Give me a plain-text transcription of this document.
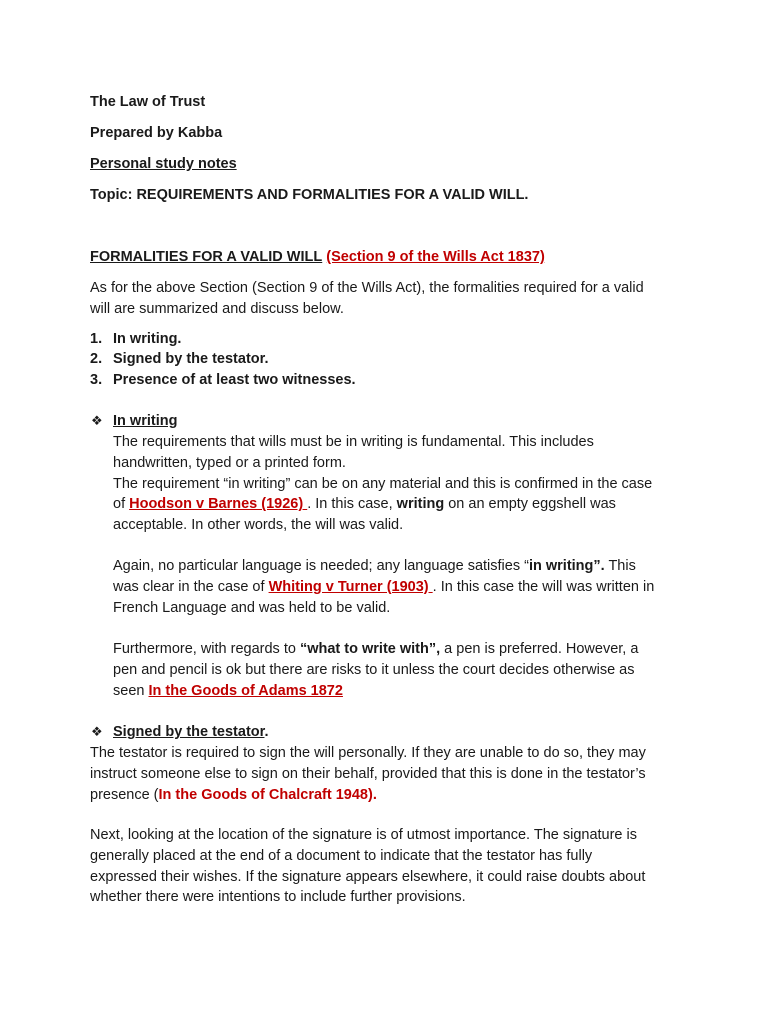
The Law of Trust
Prepared by Kabba
Personal study notes
Topic: REQUIREMENTS AND FORMALITIES FOR A VALID WILL.
FORMALITIES FOR A VALID WILL (Section 9 of the Wills Act 1837)

As for the above Section (Section 9 of the Wills Act), the formalities required for a valid

will are summarized and discuss below.

1. In writing.
2. Signed by the testator.
3. Presence of at least two witnesses.
❖ In writing

The requirements that wills must be in writing is fundamental. This includes

handwritten, typed or a printed form.

The requirement “in writing” can be on any material and this is confirmed in the case

of Hoodson v Barnes (1926) . In this case, writing on an empty eggshell was

acceptable. In other words, the will was valid.

Again, no particular language is needed; any language satisfies “in writing”. This

was clear in the case of Whiting v Turner (1903) . In this case the will was written in

French Language and was held to be valid.

Furthermore, with regards to “what to write with”, a pen is preferred. However, a

pen and pencil is ok but there are risks to it unless the court decides otherwise as

seen In the Goods of Adams 1872

❖ Signed by the testator.

The testator is required to sign the will personally. If they are unable to do so, they may

instruct someone else to sign on their behalf, provided that this is done in the testator’s

presence (In the Goods of Chalcraft 1948).

Next, looking at the location of the signature is of utmost importance. The signature is

generally placed at the end of a document to indicate that the testator has fully

expressed their wishes. If the signature appears elsewhere, it could raise doubts about

whether there were intentions to include further provisions.
